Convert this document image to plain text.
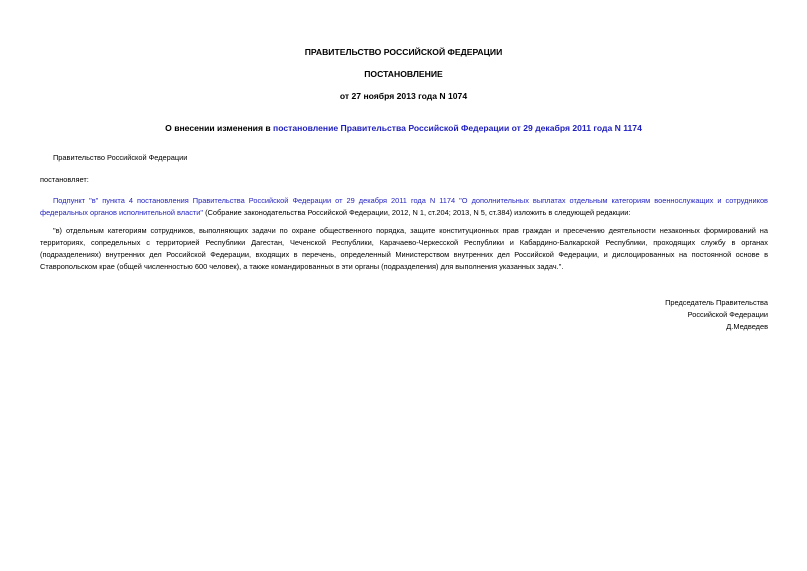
ПРАВИТЕЛЬСТВО РОССИЙСКОЙ ФЕДЕРАЦИИ
ПОСТАНОВЛЕНИЕ
от 27 ноября 2013 года N 1074
О внесении изменения в постановление Правительства Российской Федерации от 29 декабря 2011 года N 1174
Правительство Российской Федерации
постановляет:
Подпункт "в" пункта 4 постановления Правительства Российской Федерации от 29 декабря 2011 года N 1174 "О дополнительных выплатах отдельным категориям военнослужащих и сотрудников федеральных органов исполнительной власти" (Собрание законодательства Российской Федерации, 2012, N 1, ст.204; 2013, N 5, ст.384) изложить в следующей редакции:
"в) отдельным категориям сотрудников, выполняющих задачи по охране общественного порядка, защите конституционных прав граждан и пресечению деятельности незаконных формирований на территориях, сопредельных с территорией Республики Дагестан, Чеченской Республики, Карачаево-Черкесской Республики и Кабардино-Балкарской Республики, проходящих службу в органах (подразделениях) внутренних дел Российской Федерации, входящих в перечень, определенный Министерством внутренних дел Российской Федерации, и дислоцированных на постоянной основе в Ставропольском крае (общей численностью 600 человек), а также командированных в эти органы (подразделения) для выполнения указанных задач.".
Председатель Правительства
Российской Федерации
Д.Медведев
